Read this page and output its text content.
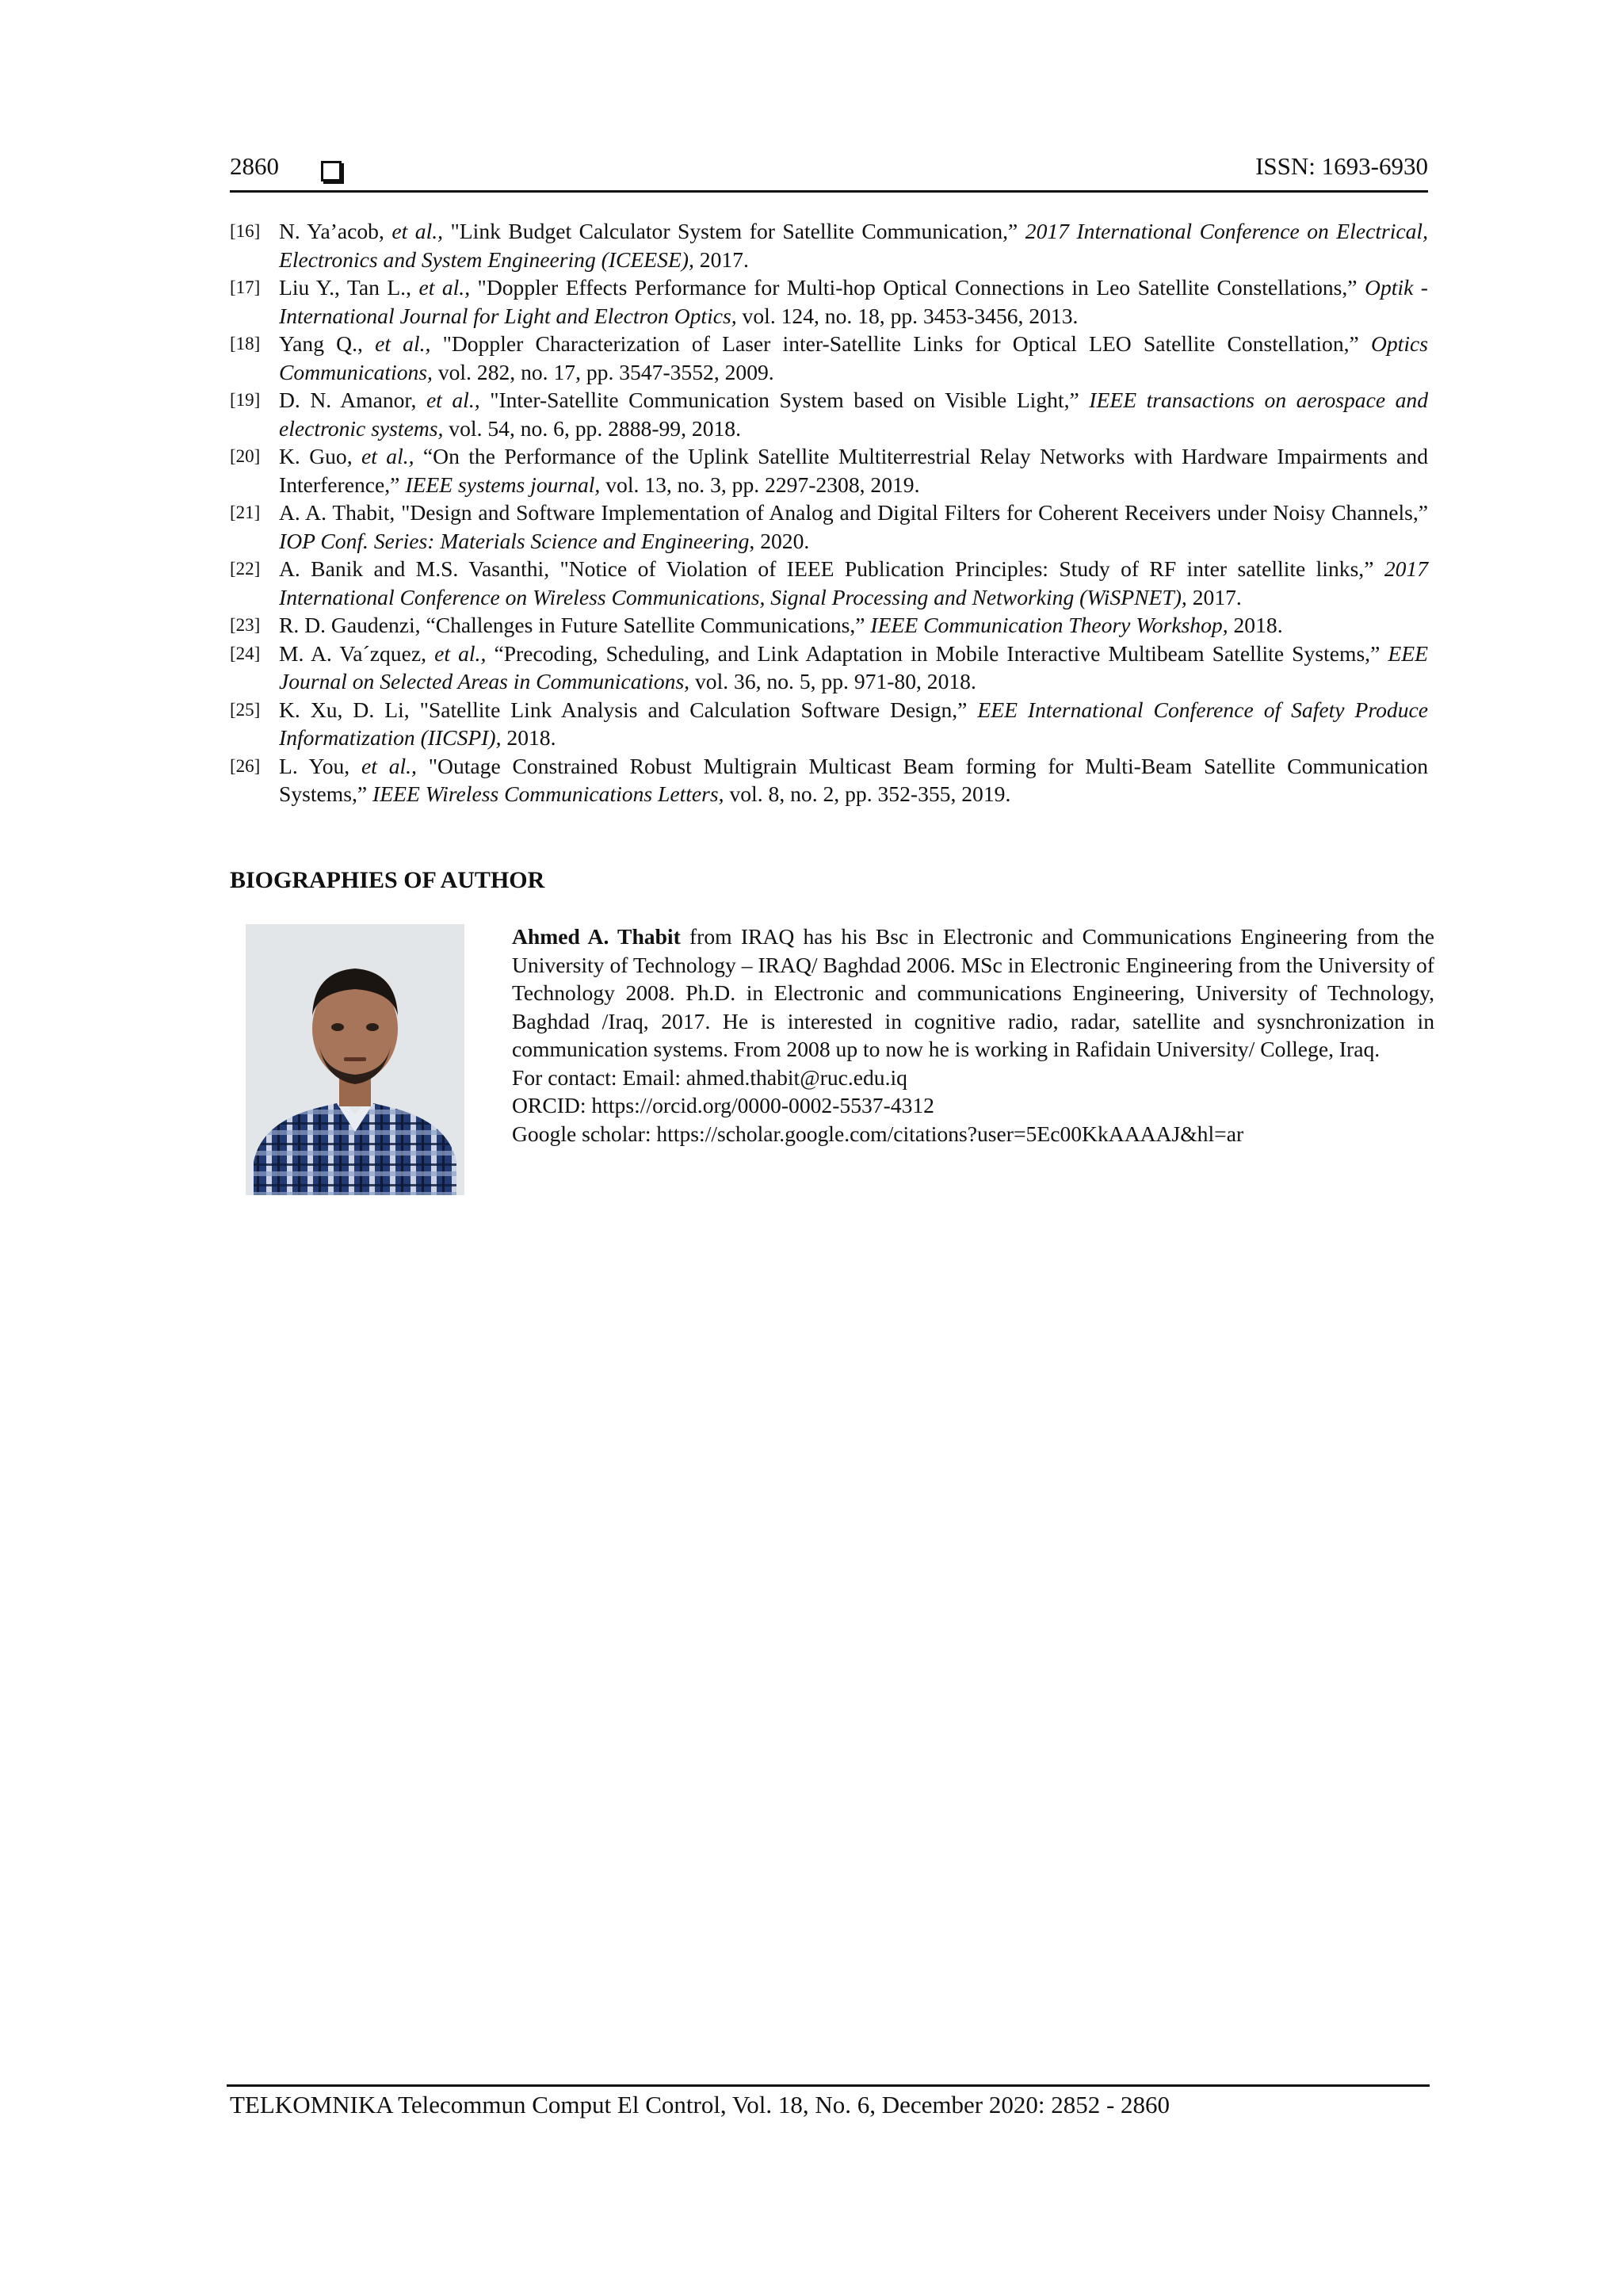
2860	ISSN: 1693-6930
[16] N. Ya’acob, et al., "Link Budget Calculator System for Satellite Communication,” 2017 International Conference on Electrical, Electronics and System Engineering (ICEESE), 2017.
[17] Liu Y., Tan L., et al., "Doppler Effects Performance for Multi-hop Optical Connections in Leo Satellite Constellations,” Optik - International Journal for Light and Electron Optics, vol. 124, no. 18, pp. 3453-3456, 2013.
[18] Yang Q., et al., "Doppler Characterization of Laser inter-Satellite Links for Optical LEO Satellite Constellation,” Optics Communications, vol. 282, no. 17, pp. 3547-3552, 2009.
[19] D. N. Amanor, et al., "Inter-Satellite Communication System based on Visible Light,” IEEE transactions on aerospace and electronic systems, vol. 54, no. 6, pp. 2888-99, 2018.
[20] K. Guo, et al., “On the Performance of the Uplink Satellite Multiterrestrial Relay Networks with Hardware Impairments and Interference,” IEEE systems journal, vol. 13, no. 3, pp. 2297-2308, 2019.
[21] A. A. Thabit, "Design and Software Implementation of Analog and Digital Filters for Coherent Receivers under Noisy Channels,” IOP Conf. Series: Materials Science and Engineering, 2020.
[22] A. Banik and M.S. Vasanthi, "Notice of Violation of IEEE Publication Principles: Study of RF inter satellite links,” 2017 International Conference on Wireless Communications, Signal Processing and Networking (WiSPNET), 2017.
[23] R. D. Gaudenzi, “Challenges in Future Satellite Communications,” IEEE Communication Theory Workshop, 2018.
[24] M. A. Va´zquez, et al., “Precoding, Scheduling, and Link Adaptation in Mobile Interactive Multibeam Satellite Systems,” EEE Journal on Selected Areas in Communications, vol. 36, no. 5, pp. 971-80, 2018.
[25] K. Xu, D. Li, "Satellite Link Analysis and Calculation Software Design,” EEE International Conference of Safety Produce Informatization (IICSPI), 2018.
[26] L. You, et al., "Outage Constrained Robust Multigrain Multicast Beam forming for Multi-Beam Satellite Communication Systems,” IEEE Wireless Communications Letters, vol. 8, no. 2, pp. 352-355, 2019.
BIOGRAPHIES OF AUTHOR
Ahmed A. Thabit from IRAQ has his Bsc in Electronic and Communications Engineering from the University of Technology – IRAQ/ Baghdad 2006. MSc in Electronic Engineering from the University of Technology 2008. Ph.D. in Electronic and communications Engineering, University of Technology, Baghdad /Iraq, 2017. He is interested in cognitive radio, radar, satellite and sysnchronization in communication systems. From 2008 up to now he is working in Rafidain University/ College, Iraq.
For contact: Email: ahmed.thabit@ruc.edu.iq
ORCID: https://orcid.org/0000-0002-5537-4312
Google scholar: https://scholar.google.com/citations?user=5Ec00KkAAAAJ&hl=ar
TELKOMNIKA Telecommun Comput El Control, Vol. 18, No. 6, December 2020: 2852 - 2860
